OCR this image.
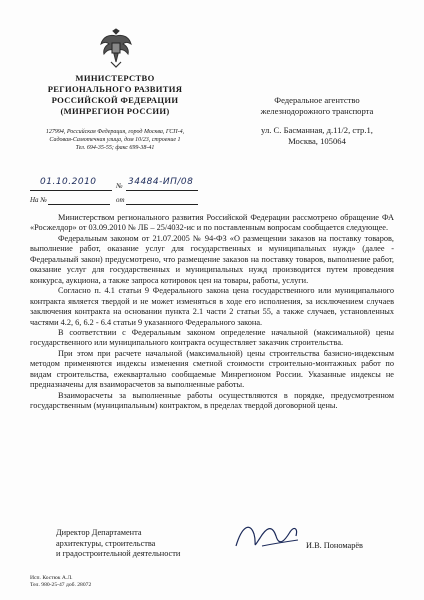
МИНИСТЕРСТВО
РЕГИОНАЛЬНОГО РАЗВИТИЯ
РОССИЙСКОЙ ФЕДЕРАЦИИ
(МИНРЕГИОН РОССИИ)
127994, Российская Федерация, город Москва, ГСП-4,
Садовая-Самотечная улица, дом 10/23, строение 1
Тел. 694-35-55; факс 699-38-41
Федеральное агентство
железнодорожного транспорта
ул. С. Басманная, д.11/2, стр.1,
Москва, 105064
01.10.2010	№ 34484-ИП/08
На №	от

Министерством регионального развития Российской Федерации рассмотрено обращение ФА «Росжелдор» от 03.09.2010 № ЛБ – 25/4032-ис и по поставленным вопросам сообщается следующее.

Федеральным законом от 21.07.2005 № 94-ФЗ «О размещении заказов на поставку товаров, выполнение работ, оказание услуг для государственных и муниципальных нужд» (далее - Федеральный закон) предусмотрено, что размещение заказов на поставку товаров, выполнение работ, оказание услуг для государственных и муниципальных нужд производится путем проведения конкурса, аукциона, а также запроса котировок цен на товары, работы, услуги.

Согласно п. 4.1 статьи 9 Федерального закона цена государственного или муниципального контракта является твердой и не может изменяться в ходе его исполнения, за исключением случаев заключения контракта на основании пункта 2.1 части 2 статьи 55, а также случаев, установленных частями 4.2, 6, 6.2 - 6.4 статьи 9 указанного Федерального закона.

В соответствии с Федеральным законом определение начальной (максимальной) цены государственного или муниципального контракта осуществляет заказчик строительства.

При этом при расчете начальной (максимальной) цены строительства базисно-индексным методом применяются индексы изменения сметной стоимости строительно-монтажных работ по видам строительства, ежеквартально сообщаемые Минрегионом России. Указанные индексы не предназначены для взаиморасчетов за выполненные работы.

Взаиморасчеты за выполненные работы осуществляются в порядке, предусмотренном государственным (муниципальным) контрактом, в пределах твердой договорной цены.

Директор Департамента
архитектуры, строительства
и градостроительной деятельности
И.В. Пономарёв
Исп. Костюк А.Л.
Тел. 980-25-47 доб. 28072
